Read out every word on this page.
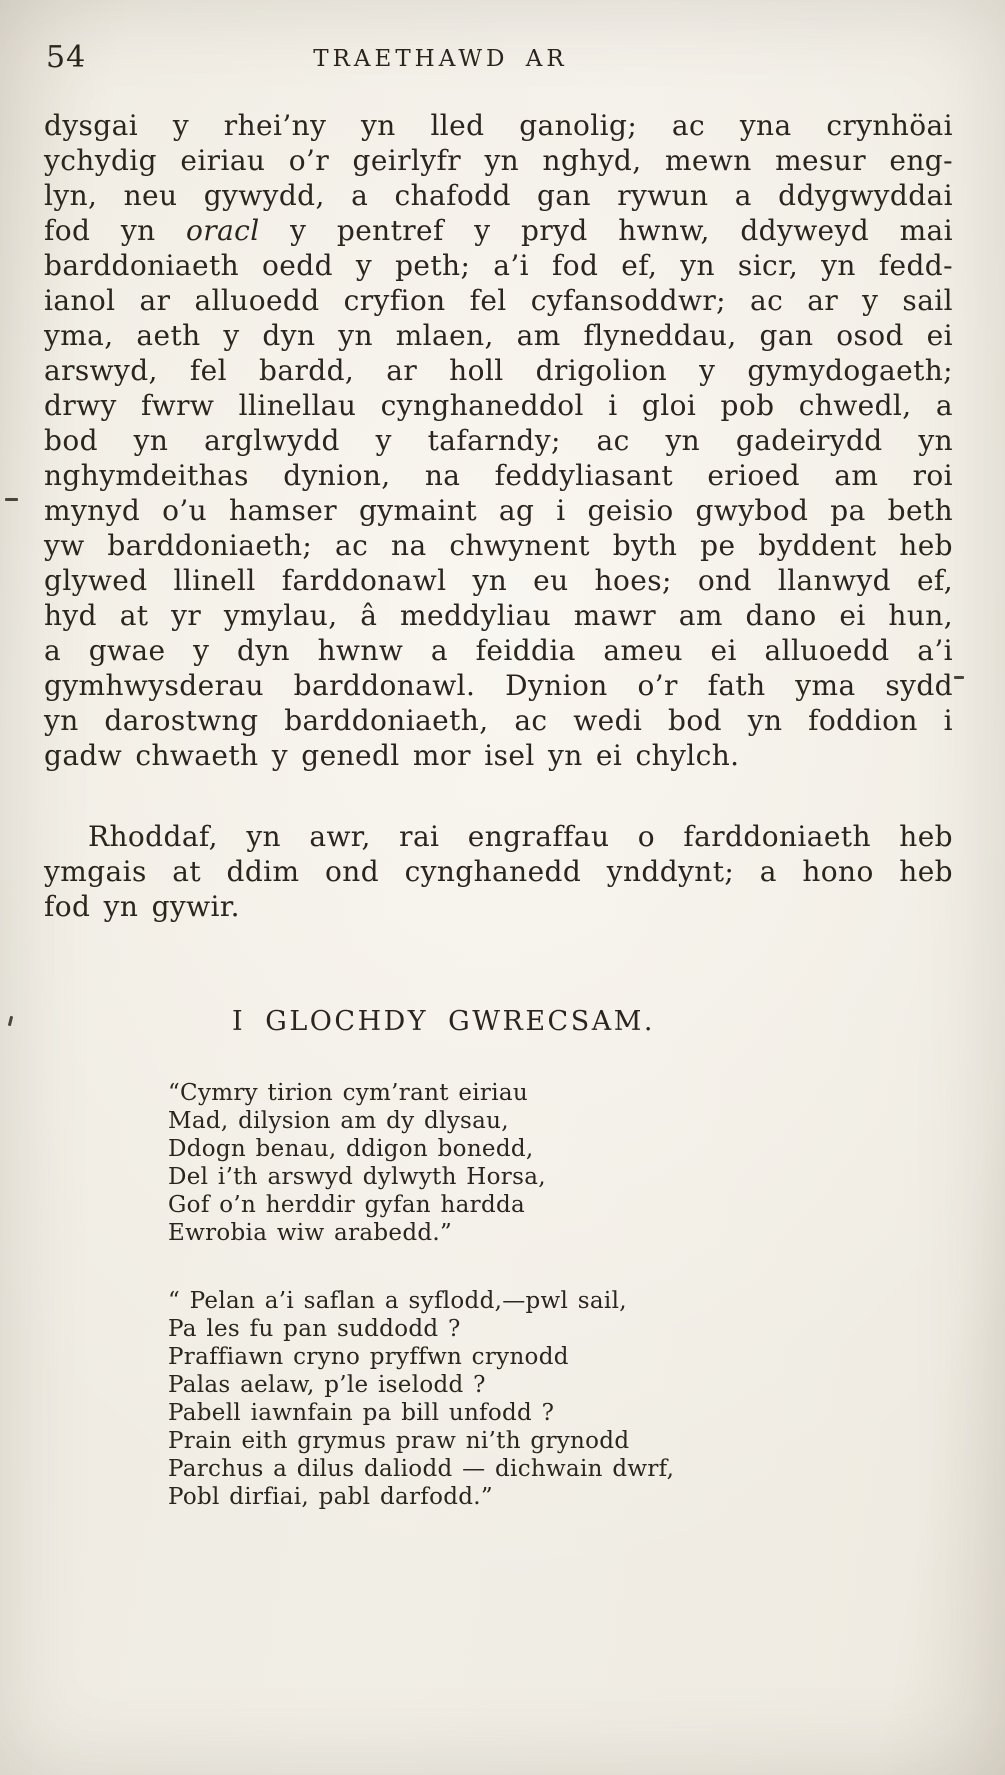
54	TRAETHAWD AR
dysgai y rhei’ny yn lled ganolig; ac yna crynhöai
ychydig eiriau o’r geirlyfr yn nghyd, mewn mesur eng-
lyn, neu gywydd, a chafodd gan rywun a ddygwyddai
fod yn oracl y pentref y pryd hwnw, ddyweyd mai
barddoniaeth oedd y peth; a’i fod ef, yn sicr, yn fedd-
ianol ar alluoedd cryfion fel cyfansoddwr; ac ar y sail
yma, aeth y dyn yn mlaen, am flyneddau, gan osod ei
arswyd, fel bardd, ar holl drigolion y gymydogaeth;
drwy fwrw llinellau cynghaneddol i gloi pob chwedl, a
bod yn arglwydd y tafarndy; ac yn gadeirydd yn
nghymdeithas dynion, na feddyliasant erioed am roi
mynyd o’u hamser gymaint ag i geisio gwybod pa beth
yw barddoniaeth; ac na chwynent byth pe byddent heb
glywed llinell farddonawl yn eu hoes; ond llanwyd ef,
hyd at yr ymylau, â meddyliau mawr am dano ei hun,
a gwae y dyn hwnw a feiddia ameu ei alluoedd a’i
gymhwysderau barddonawl. Dynion o’r fath yma sydd
yn darostwng barddoniaeth, ac wedi bod yn foddion i
gadw chwaeth y genedl mor isel yn ei chylch.
Rhoddaf, yn awr, rai engraffau o farddoniaeth heb
ymgais at ddim ond cynghanedd ynddynt; a hono heb
fod yn gywir.
I GLOCHDY GWRECSAM.
“Cymry tirion cym’rant eiriau
Mad, dilysion am dy dlysau,
Ddogn benau, ddigon bonedd,
Del i’th arswyd dylwyth Horsa,
Gof o’n herddir gyfan hardda
Ewrobia wiw arabedd.”
“ Pelan a’i saflan a syflodd,—pwl sail,
Pa les fu pan suddodd ?
Praffiawn cryno pryffwn crynodd
Palas aelaw, p’le iselodd ?
Pabell iawnfain pa bill unfodd ?
Prain eith grymus praw ni’th grynodd
Parchus a dilus daliodd — dichwain dwrf,
Pobl dirfiai, pabl darfodd.”
